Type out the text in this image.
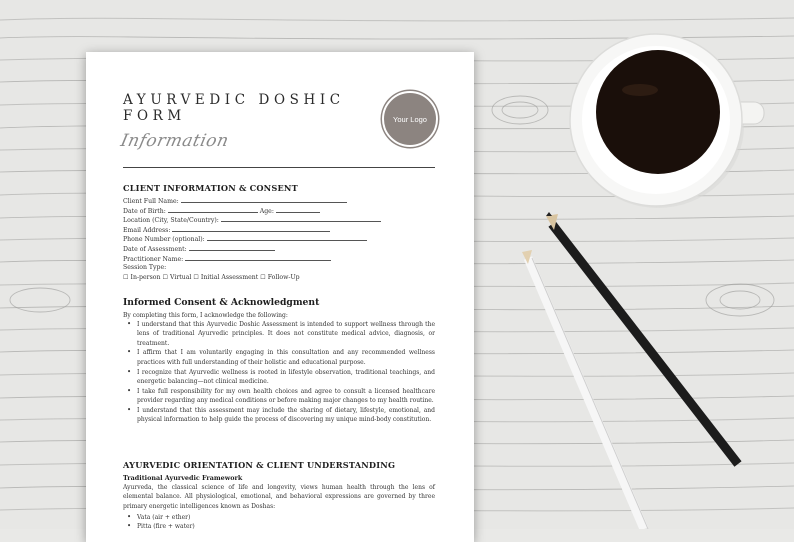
AYURVEDIC DOSHIC FORM
Information
Your Logo
CLIENT INFORMATION & CONSENT
Client Full Name:
Date of Birth:	Age:
Location (City, State/Country):
Email Address:
Phone Number (optional):
Date of Assessment:
Practitioner Name:
Session Type:
☐ In-person ☐ Virtual ☐ Initial Assessment ☐ Follow-Up
Informed Consent & Acknowledgment
By completing this form, I acknowledge the following:
• I understand that this Ayurvedic Doshic Assessment is intended to support wellness through the lens of traditional Ayurvedic principles. It does not constitute medical advice, diagnosis, or treatment.
• I affirm that I am voluntarily engaging in this consultation and any recommended wellness practices with full understanding of their holistic and educational purpose.
• I recognize that Ayurvedic wellness is rooted in lifestyle observation, traditional teachings, and energetic balancing—not clinical medicine.
• I take full responsibility for my own health choices and agree to consult a licensed healthcare provider regarding any medical conditions or before making major changes to my health routine.
• I understand that this assessment may include the sharing of dietary, lifestyle, emotional, and physical information to help guide the process of discovering my unique mind-body constitution.
AYURVEDIC ORIENTATION & CLIENT UNDERSTANDING
Traditional Ayurvedic Framework
Ayurveda, the classical science of life and longevity, views human health through the lens of elemental balance. All physiological, emotional, and behavioral expressions are governed by three primary energetic intelligences known as Doshas:
• Vata (air + ether)
• Pitta (fire + water)
